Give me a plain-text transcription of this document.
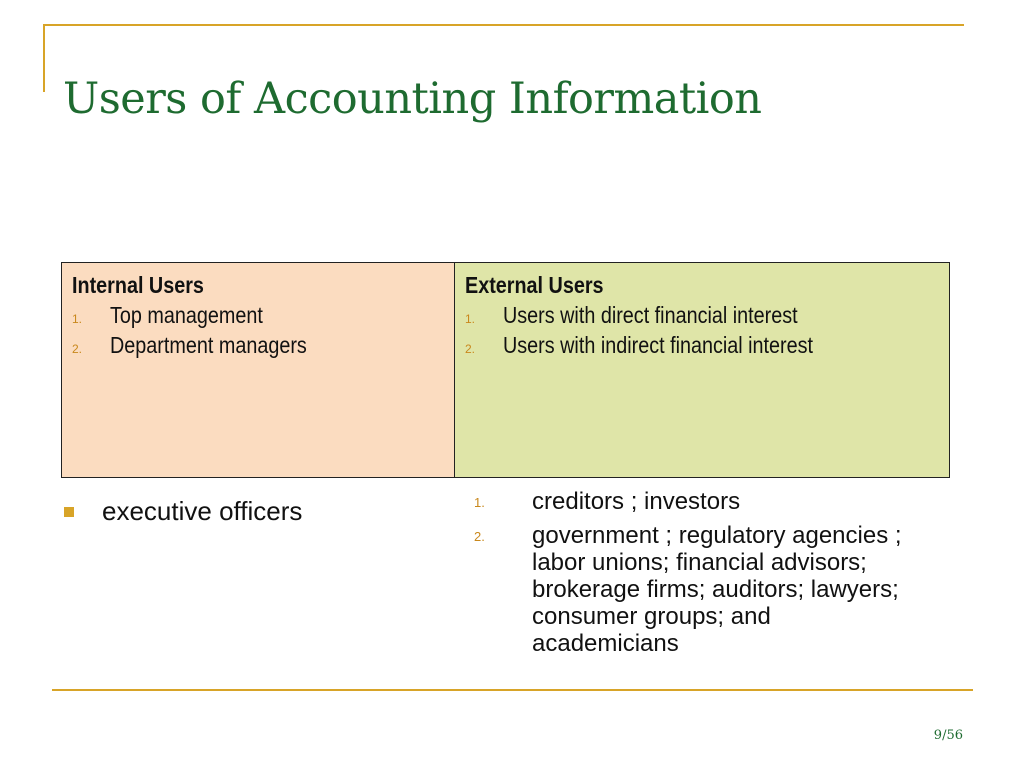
Users of Accounting Information
Internal Users
1. Top management
2. Department managers

External Users
1. Users with direct financial interest
2. Users with indirect financial interest
executive officers	1. creditors ; investors
2. government ; regulatory agencies ; labor unions; financial advisors; brokerage firms; auditors; lawyers; consumer groups; and academicians
9/56
